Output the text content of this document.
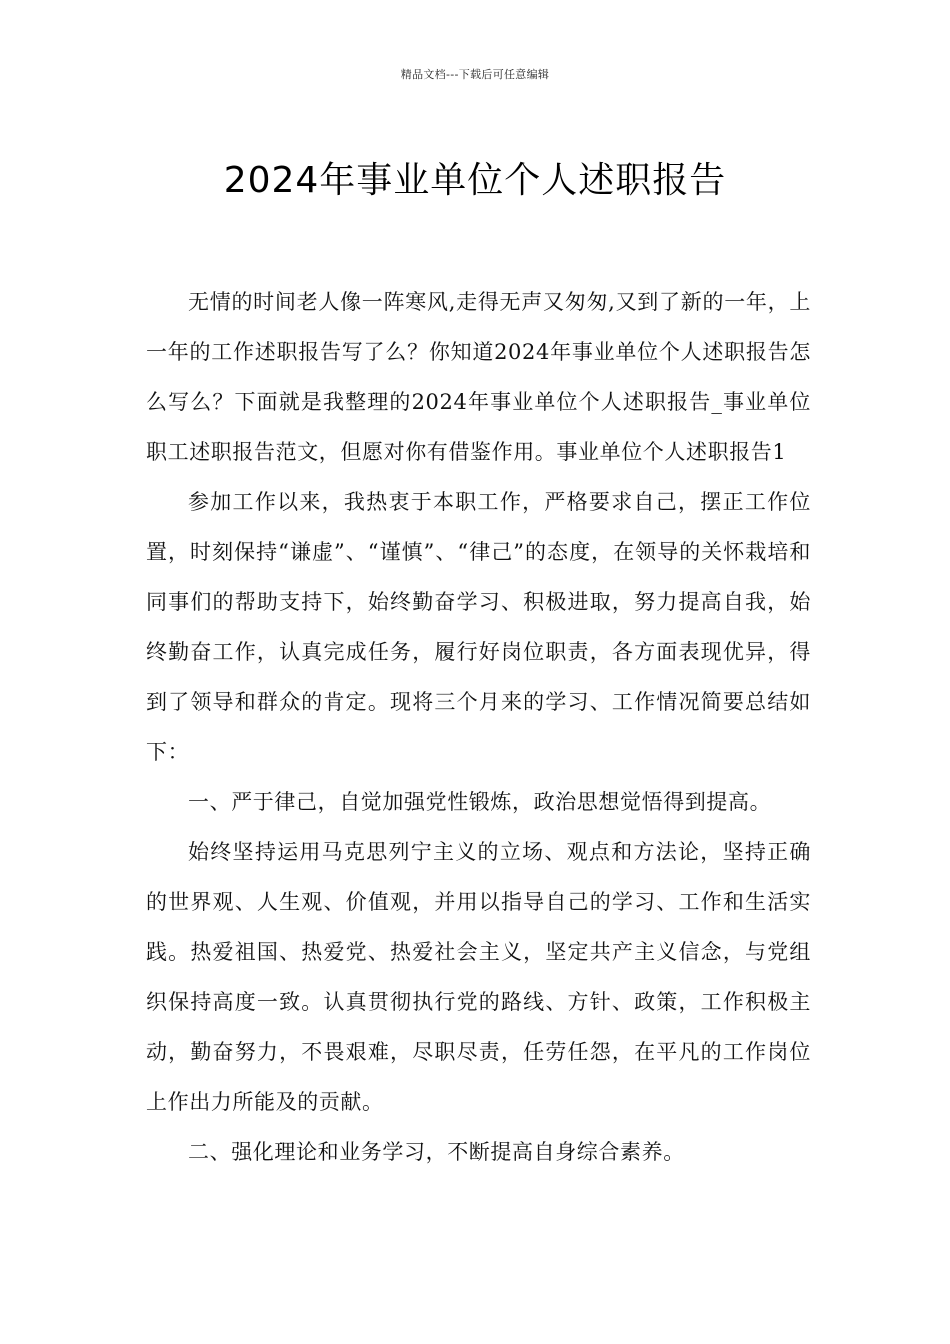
精品文档---下载后可任意编辑
2024年事业单位个人述职报告

无情的时间老人像一阵寒风,走得无声又匆匆,又到了新的一年，上一年的工作述职报告写了么？你知道2024年事业单位个人述职报告怎么写么？下面就是我整理的2024年事业单位个人述职报告_事业单位职工述职报告范文，但愿对你有借鉴作用。事业单位个人述职报告1

参加工作以来，我热衷于本职工作，严格要求自己，摆正工作位置，时刻保持“谦虚”、“谨慎”、“律己”的态度，在领导的关怀栽培和同事们的帮助支持下，始终勤奋学习、积极进取，努力提高自我，始终勤奋工作，认真完成任务，履行好岗位职责，各方面表现优异，得到了领导和群众的肯定。现将三个月来的学习、工作情况简要总结如下：

一、严于律己，自觉加强党性锻炼，政治思想觉悟得到提高。

始终坚持运用马克思列宁主义的立场、观点和方法论，坚持正确的世界观、人生观、价值观，并用以指导自己的学习、工作和生活实践。热爱祖国、热爱党、热爱社会主义，坚定共产主义信念，与党组织保持高度一致。认真贯彻执行党的路线、方针、政策，工作积极主动，勤奋努力，不畏艰难，尽职尽责，任劳任怨，在平凡的工作岗位上作出力所能及的贡献。

二、强化理论和业务学习，不断提高自身综合素养。
